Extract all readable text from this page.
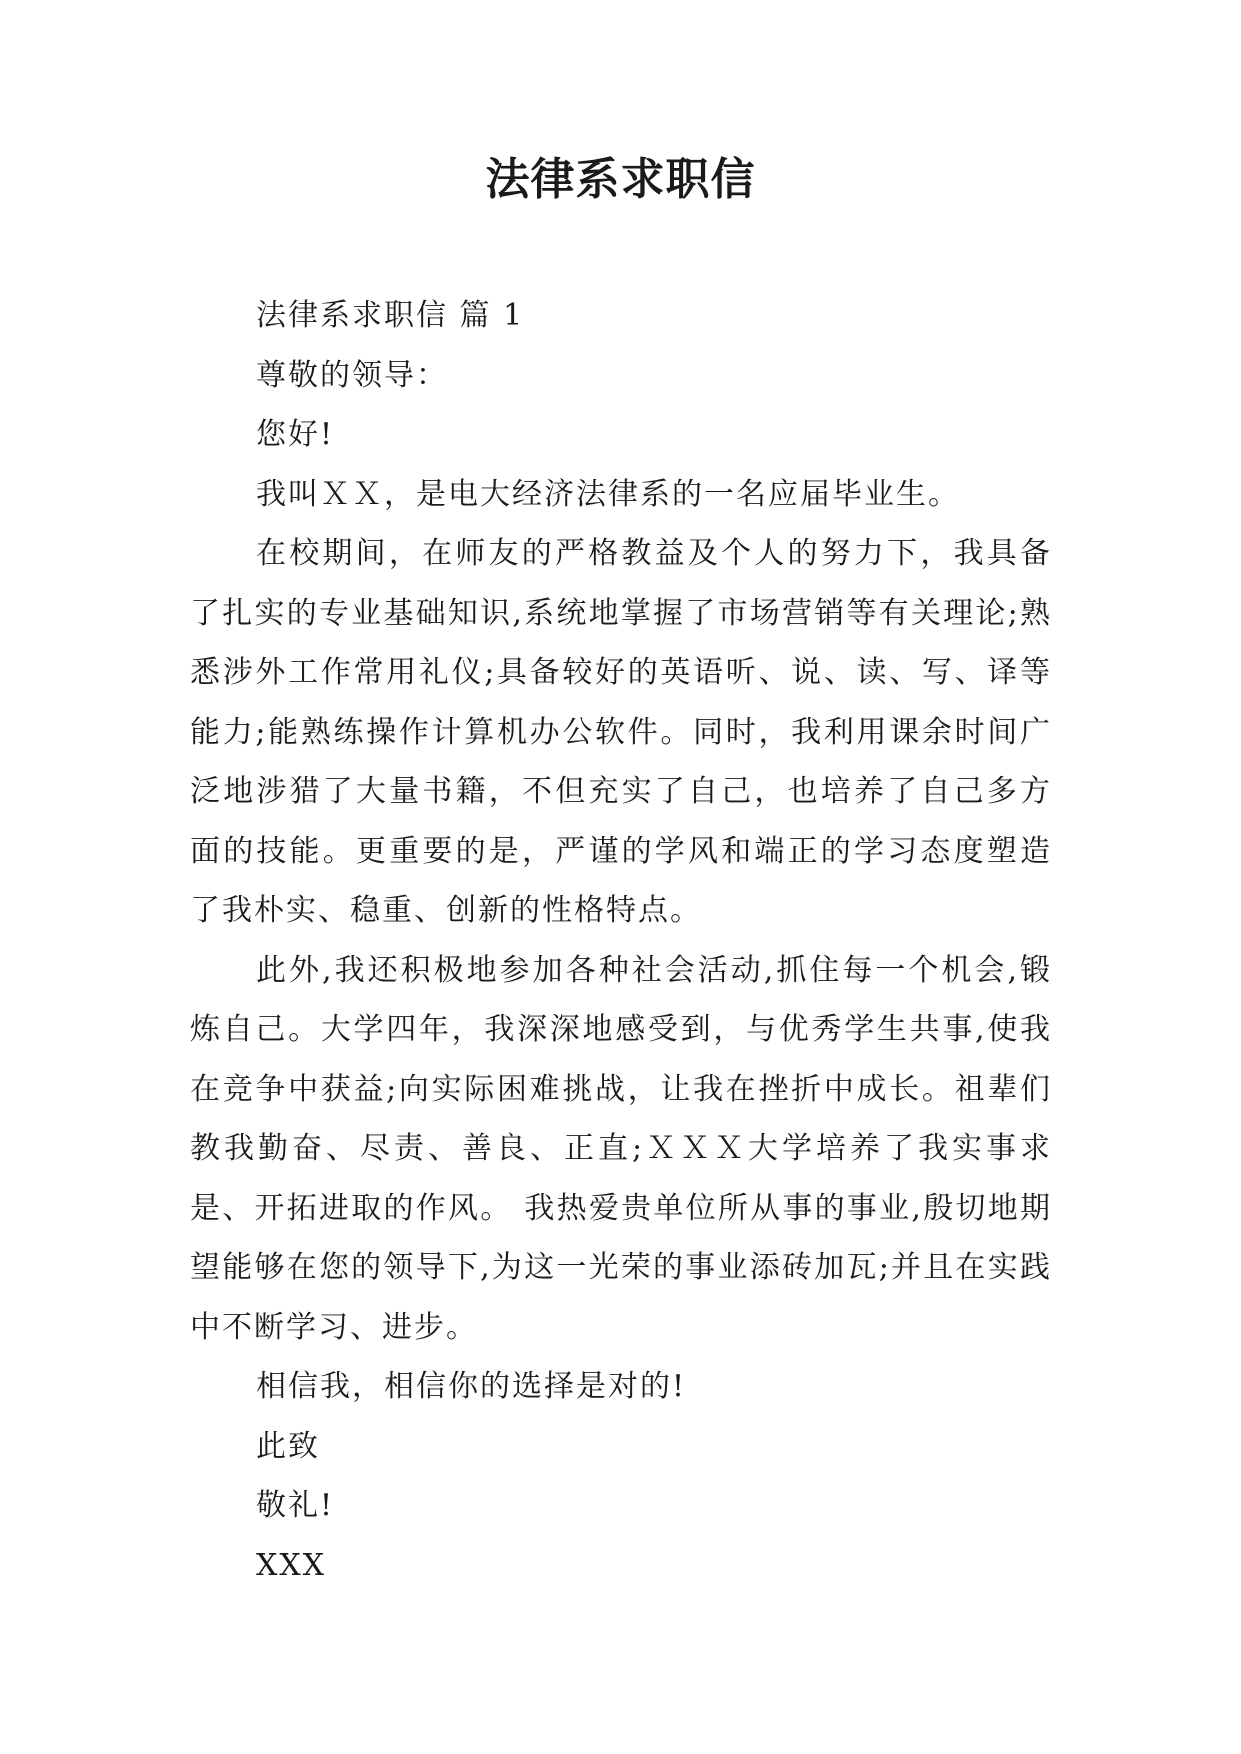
法律系求职信

法律系求职信 篇 1

尊敬的领导：

您好!

我叫ＸＸ，是电大经济法律系的一名应届毕业生。

在校期间，在师友的严格教益及个人的努力下，我具备了扎实的专业基础知识,系统地掌握了市场营销等有关理论;熟悉涉外工作常用礼仪;具备较好的英语听、说、读、写、译等能力;能熟练操作计算机办公软件。同时，我利用课余时间广泛地涉猎了大量书籍，不但充实了自己，也培养了自己多方面的技能。更重要的是，严谨的学风和端正的学习态度塑造了我朴实、稳重、创新的性格特点。

此外,我还积极地参加各种社会活动,抓住每一个机会,锻炼自己。大学四年，我深深地感受到，与优秀学生共事,使我在竞争中获益;向实际困难挑战，让我在挫折中成长。祖辈们教我勤奋、尽责、善良、正直;ＸＸＸ大学培养了我实事求是、开拓进取的作风。 我热爱贵单位所从事的事业,殷切地期望能够在您的领导下,为这一光荣的事业添砖加瓦;并且在实践中不断学习、进步。

相信我，相信你的选择是对的!

此致

敬礼!

XXX
